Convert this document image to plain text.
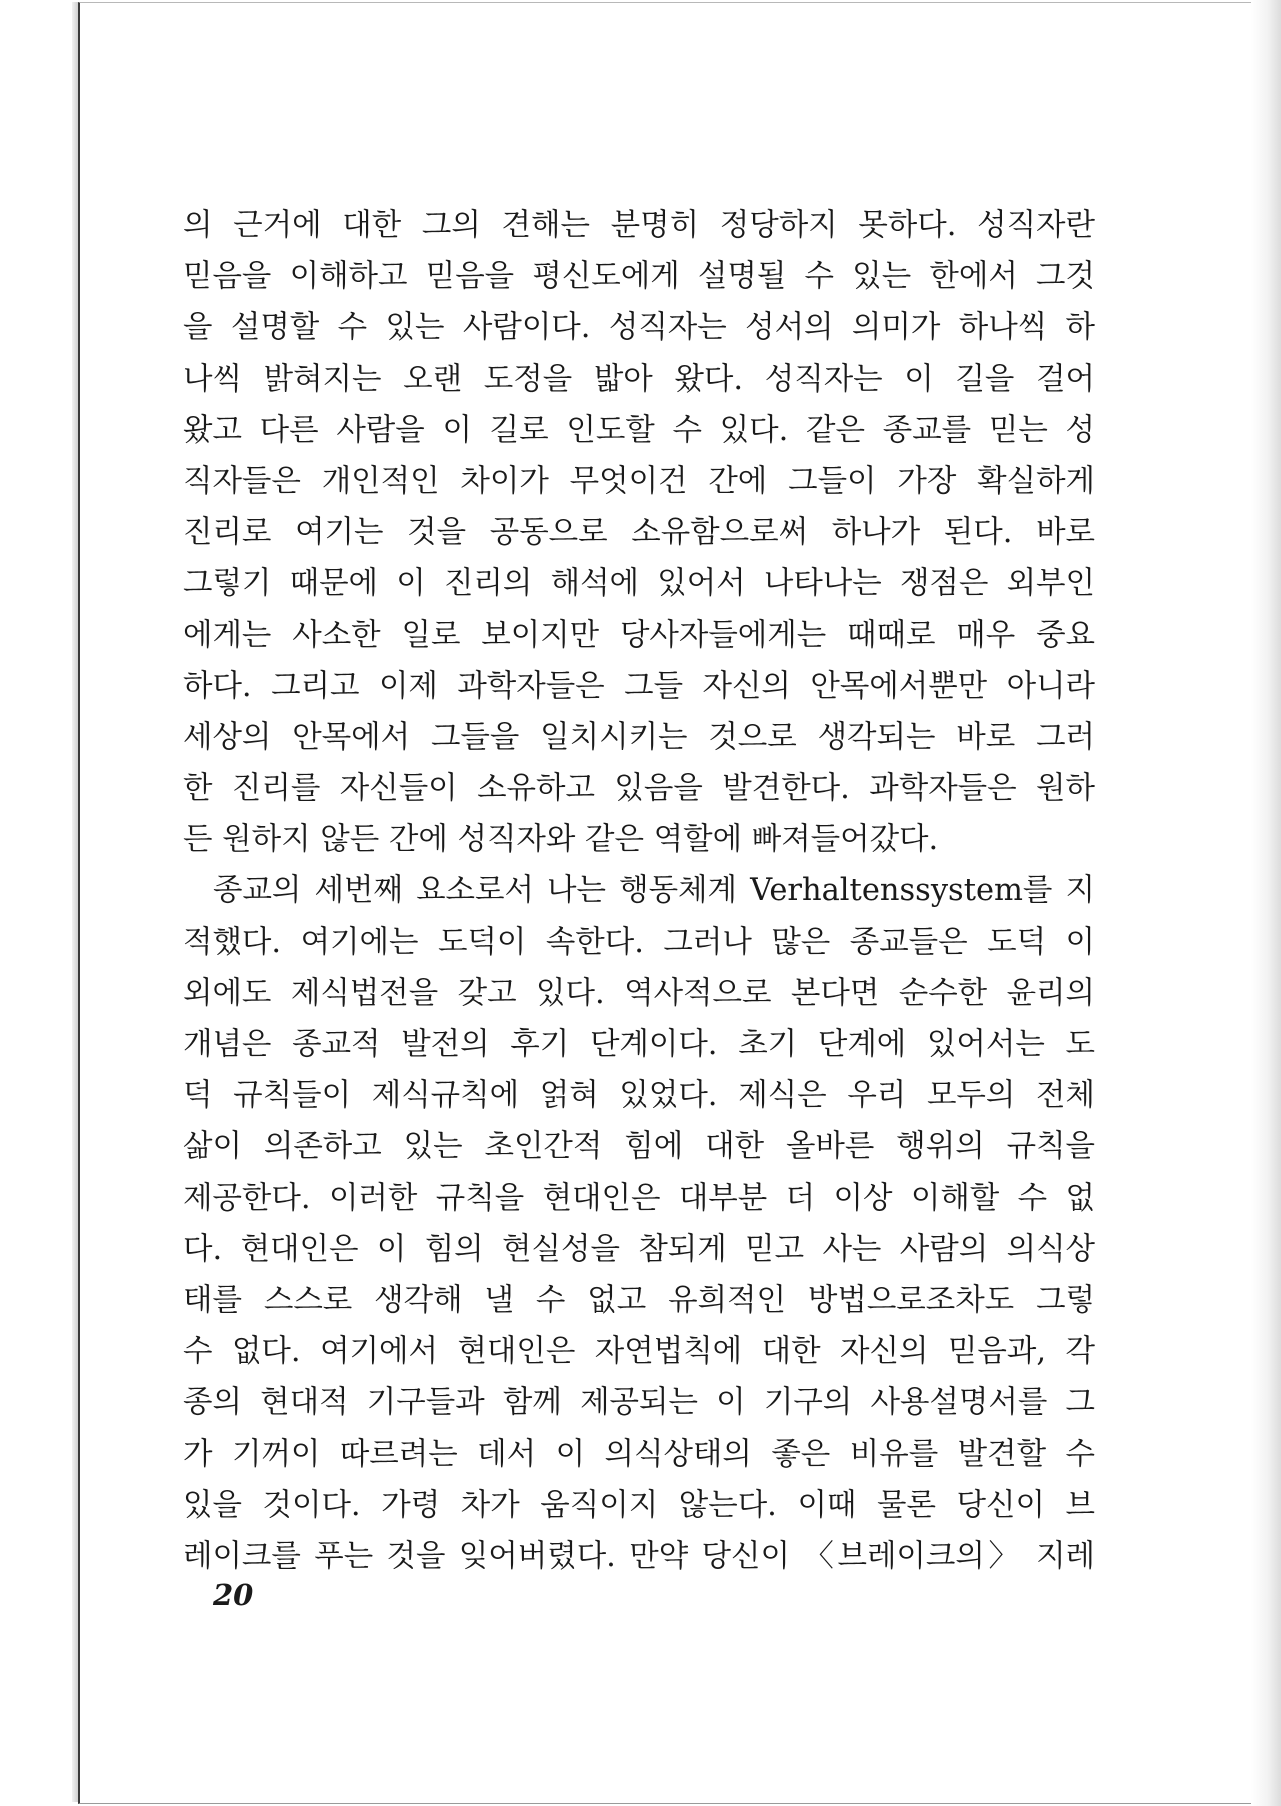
의 근거에 대한 그의 견해는 분명히 정당하지 못하다. 성직자란
믿음을 이해하고 믿음을 평신도에게 설명될 수 있는 한에서 그것
을 설명할 수 있는 사람이다. 성직자는 성서의 의미가 하나씩 하
나씩 밝혀지는 오랜 도정을 밟아 왔다. 성직자는 이 길을 걸어
왔고 다른 사람을 이 길로 인도할 수 있다. 같은 종교를 믿는 성
직자들은 개인적인 차이가 무엇이건 간에 그들이 가장 확실하게
진리로 여기는 것을 공동으로 소유함으로써 하나가 된다. 바로
그렇기 때문에 이 진리의 해석에 있어서 나타나는 쟁점은 외부인
에게는 사소한 일로 보이지만 당사자들에게는 때때로 매우 중요
하다. 그리고 이제 과학자들은 그들 자신의 안목에서뿐만 아니라
세상의 안목에서 그들을 일치시키는 것으로 생각되는 바로 그러
한 진리를 자신들이 소유하고 있음을 발견한다. 과학자들은 원하
든 원하지 않든 간에 성직자와 같은 역할에 빠져들어갔다.
종교의 세번째 요소로서 나는 행동체계 Verhaltenssystem를 지
적했다. 여기에는 도덕이 속한다. 그러나 많은 종교들은 도덕 이
외에도 제식법전을 갖고 있다. 역사적으로 본다면 순수한 윤리의
개념은 종교적 발전의 후기 단계이다. 초기 단계에 있어서는 도
덕 규칙들이 제식규칙에 얽혀 있었다. 제식은 우리 모두의 전체
삶이 의존하고 있는 초인간적 힘에 대한 올바른 행위의 규칙을
제공한다. 이러한 규칙을 현대인은 대부분 더 이상 이해할 수 없
다. 현대인은 이 힘의 현실성을 참되게 믿고 사는 사람의 의식상
태를 스스로 생각해 낼 수 없고 유희적인 방법으로조차도 그렇
수 없다. 여기에서 현대인은 자연법칙에 대한 자신의 믿음과, 각
종의 현대적 기구들과 함께 제공되는 이 기구의 사용설명서를 그
가 기꺼이 따르려는 데서 이 의식상태의 좋은 비유를 발견할 수
있을 것이다. 가령 차가 움직이지 않는다. 이때 물론 당신이 브
레이크를 푸는 것을 잊어버렸다. 만약 당신이 〈브레이크의〉 지레
20
